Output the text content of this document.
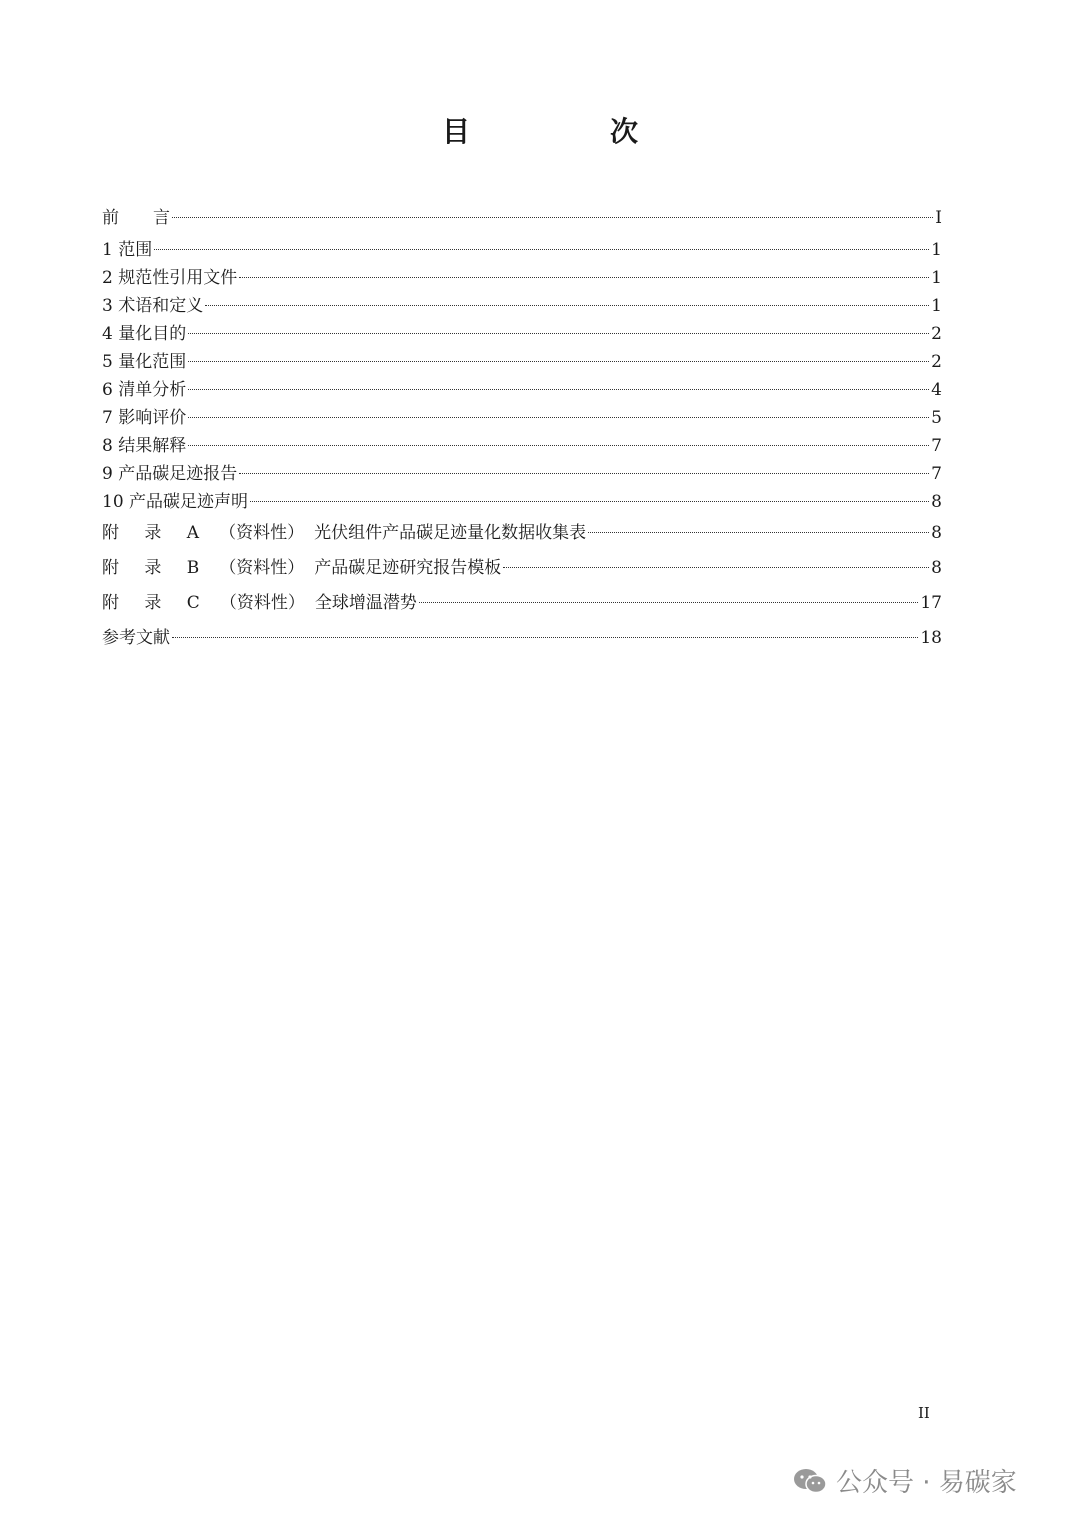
目　次
前　　言	I
1 范围	1
2 规范性引用文件	1
3 术语和定义	1
4 量化目的	2
5 量化范围	2
6 清单分析	4
7 影响评价	5
8 结果解释	7
9 产品碳足迹报告	7
10 产品碳足迹声明	8
附 录 A （资料性） 光伏组件产品碳足迹量化数据收集表	8
附 录 B （资料性） 产品碳足迹研究报告模板	8
附 录 C （资料性） 全球增温潜势	17
参考文献	18
II
公众号 · 易碳家
